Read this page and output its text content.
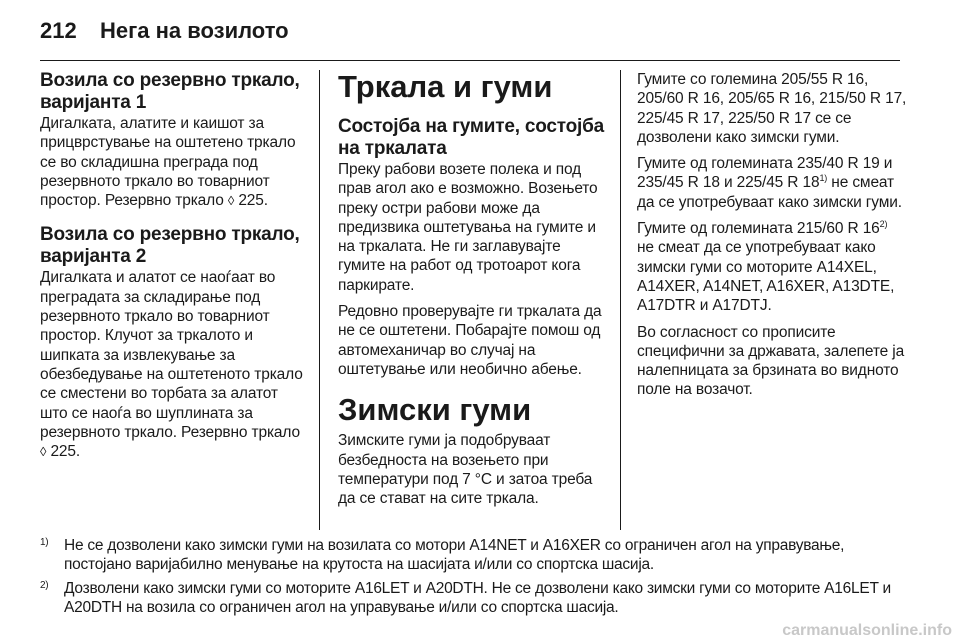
212 Нега на возилото
Возила со резервно тркало, варијанта 1

Дигалката, алатите и каишот за прицврстување на оштетено тркало се во складишна преграда под резервното тркало во товарниот простор. Резервно тркало ◊ 225.

Возила со резервно тркало, варијанта 2

Дигалката и алатот се наоѓаат во преградата за складирање под резервното тркало во товарниот простор. Клучот за тркалото и шипката за извлекување за обезбедување на оштетеното тркало се сместени во торбата за алатот што се наоѓа во шуплината за резервното тркало. Резервно тркало ◊ 225.

Тркала и гуми
Состојба на гумите, состојба на тркалата

Преку рабови возете полека и под прав агол ако е возможно. Возењето преку остри рабови може да предизвика оштетувања на гумите и на тркалата. Не ги заглавувајте гумите на работ од тротоарот кога паркирате.

Редовно проверувајте ги тркалата да не се оштетени. Побарајте помош од автомеханичар во случај на оштетување или необично абење.

Зимски гуми

Зимските гуми ја подобруваат безбедноста на возењето при температури под 7 °C и затоа треба да се стават на сите тркала.

Гумите со големина 205/55 R 16, 205/60 R 16, 205/65 R 16, 215/50 R 17, 225/45 R 17, 225/50 R 17 се се дозволени како зимски гуми.

Гумите од големината 235/40 R 19 и 235/45 R 18 и 225/45 R 18$^{1)}$ не смеат да се употребуваат како зимски гуми.

Гумите од големината 215/60 R 16$^{2)}$ не смеат да се употребуваат како зимски гуми со моторите A14XEL, A14XER, A14NET, A16XER, A13DTE, A17DTR и A17DTJ.

Во согласност со прописите специфични за државата, залепете ја налепницата за брзината во видното поле на возачот.

1) Не се дозволени како зимски гуми на возилата со мотори A14NET и A16XER со ограничен агол на управување, постојано варијабилно менување на крутоста на шасијата и/или со спортска шасија.
2) Дозволени како зимски гуми со моторите A16LET и A20DTH. Не се дозволени како зимски гуми со моторите A16LET и A20DTH на возила со ограничен агол на управување и/или со спортска шасија.
carmanualsonline.info
